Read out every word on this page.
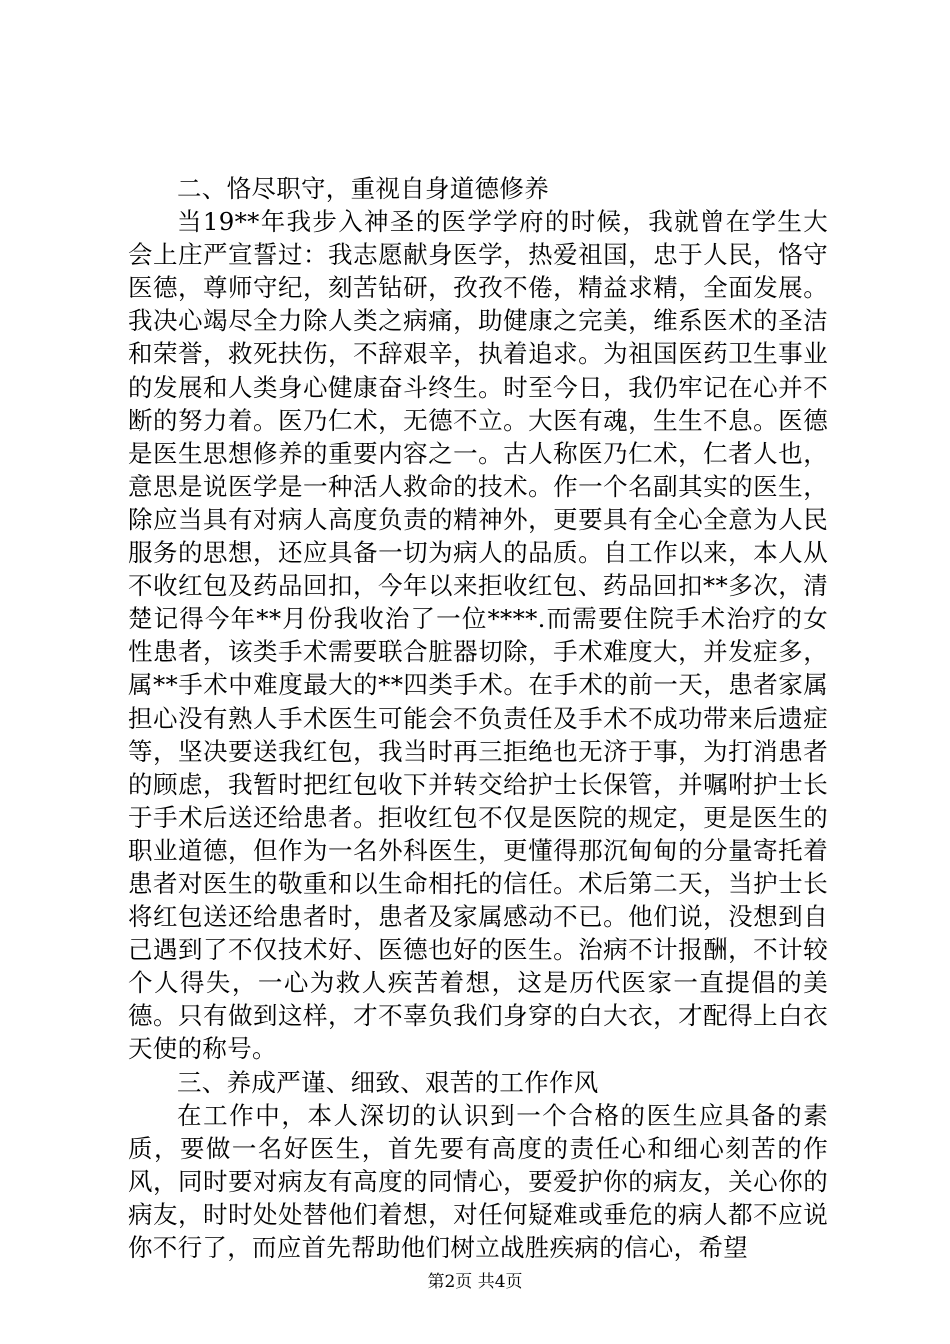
二、恪尽职守，重视自身道德修养

当19**年我步入神圣的医学学府的时候，我就曾在学生大会上庄严宣誓过：我志愿献身医学，热爱祖国，忠于人民，恪守医德，尊师守纪，刻苦钻研，孜孜不倦，精益求精，全面发展。我决心竭尽全力除人类之病痛，助健康之完美，维系医术的圣洁和荣誉，救死扶伤，不辞艰辛，执着追求。为祖国医药卫生事业的发展和人类身心健康奋斗终生。时至今日，我仍牢记在心并不断的努力着。医乃仁术，无德不立。大医有魂，生生不息。医德是医生思想修养的重要内容之一。古人称医乃仁术，仁者人也，意思是说医学是一种活人救命的技术。作一个名副其实的医生，除应当具有对病人高度负责的精神外，更要具有全心全意为人民服务的思想，还应具备一切为病人的品质。自工作以来，本人从不收红包及药品回扣，今年以来拒收红包、药品回扣**多次，清楚记得今年**月份我收治了一位****.而需要住院手术治疗的女性患者，该类手术需要联合脏器切除，手术难度大，并发症多，属**手术中难度最大的**四类手术。在手术的前一天，患者家属担心没有熟人手术医生可能会不负责任及手术不成功带来后遗症等，坚决要送我红包，我当时再三拒绝也无济于事，为打消患者的顾虑，我暂时把红包收下并转交给护士长保管，并嘱咐护士长于手术后送还给患者。拒收红包不仅是医院的规定，更是医生的职业道德，但作为一名外科医生，更懂得那沉甸甸的分量寄托着患者对医生的敬重和以生命相托的信任。术后第二天，当护士长将红包送还给患者时，患者及家属感动不已。他们说，没想到自己遇到了不仅技术好、医德也好的医生。治病不计报酬，不计较个人得失，一心为救人疾苦着想，这是历代医家一直提倡的美德。只有做到这样，才不辜负我们身穿的白大衣，才配得上白衣天使的称号。

三、养成严谨、细致、艰苦的工作作风

在工作中，本人深切的认识到一个合格的医生应具备的素质，要做一名好医生，首先要有高度的责任心和细心刻苦的作风，同时要对病友有高度的同情心，要爱护你的病友，关心你的病友，时时处处替他们着想，对任何疑难或垂危的病人都不应说你不行了，而应首先帮助他们树立战胜疾病的信心，希望

第2页 共4页
